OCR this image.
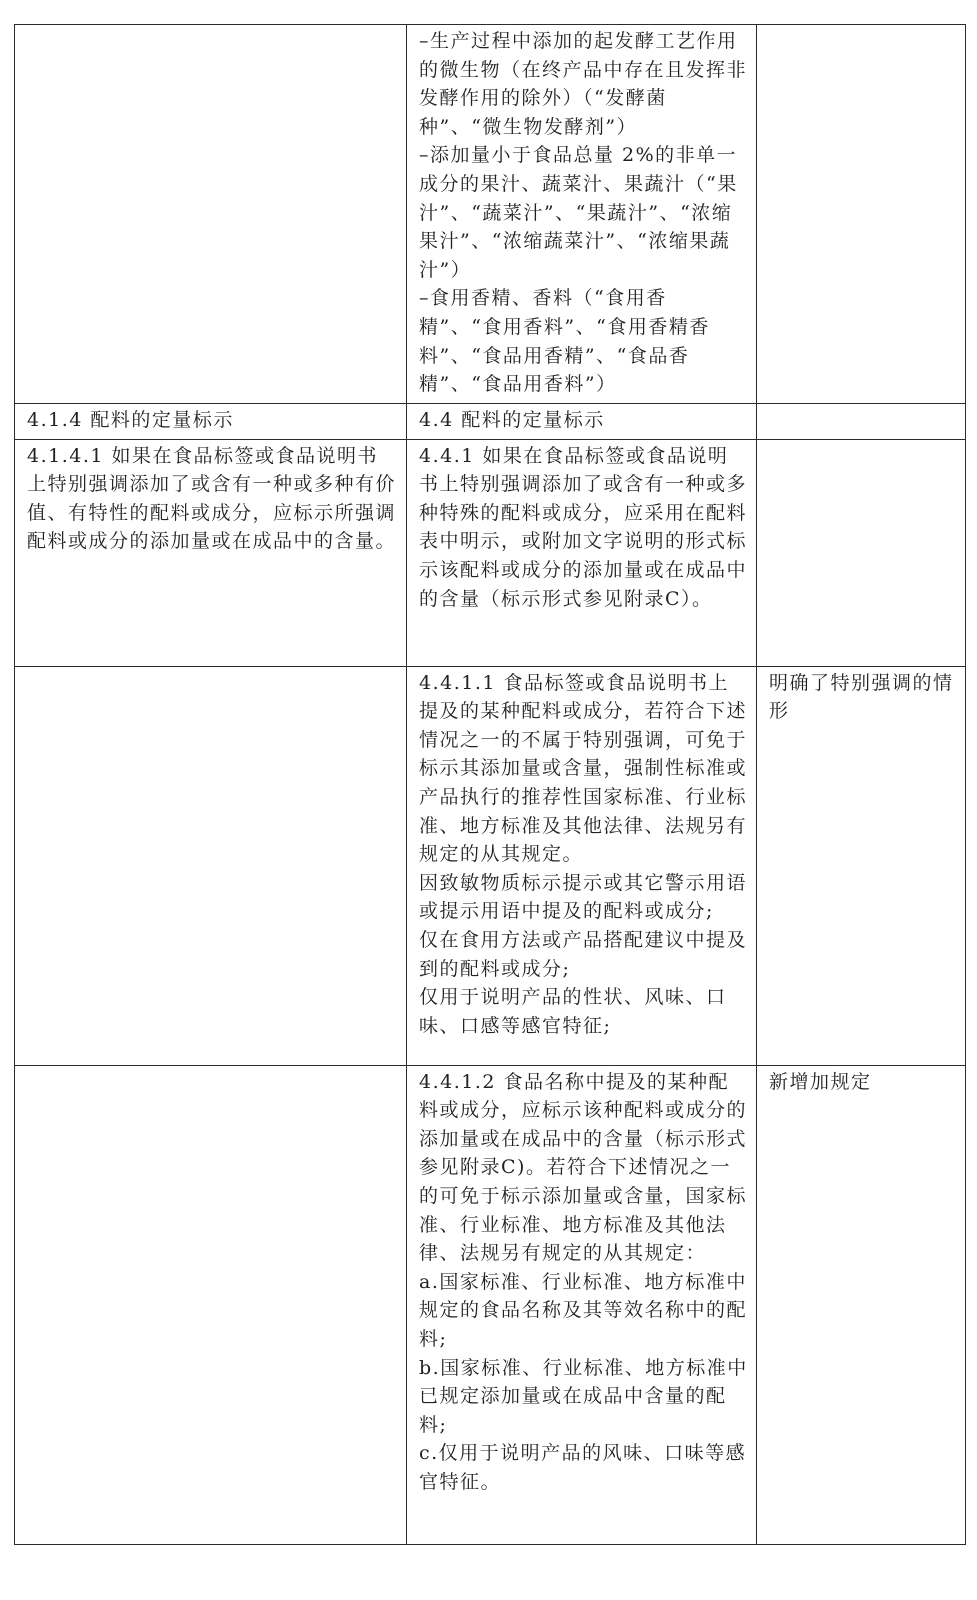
	–生产过程中添加的起发酵工艺作用的微生物（在终产品中存在且发挥非发酵作用的除外）（“发酵菌种”、“微生物发酵剂”）

–添加量小于食品总量 2%的非单一成分的果汁、蔬菜汁、果蔬汁（“果汁”、“蔬菜汁”、“果蔬汁”、“浓缩果汁”、“浓缩蔬菜汁”、“浓缩果蔬汁”）

–食用香精、香料（“食用香精”、“食用香料”、“食用香精香料”、“食品用香精”、“食品香精”、“食品用香料”）	

4.1.4 配料的定量标示	4.4 配料的定量标示	

4.1.4.1 如果在食品标签或食品说明书上特别强调添加了或含有一种或多种有价值、有特性的配料或成分，应标示所强调配料或成分的添加量或在成品中的含量。	4.4.1 如果在食品标签或食品说明书上特别强调添加了或含有一种或多种特殊的配料或成分，应采用在配料表中明示，或附加文字说明的形式标示该配料或成分的添加量或在成品中的含量（标示形式参见附录C）。	

	4.4.1.1 食品标签或食品说明书上提及的某种配料或成分，若符合下述情况之一的不属于特别强调，可免于标示其添加量或含量，强制性标准或产品执行的推荐性国家标准、行业标准、地方标准及其他法律、法规另有规定的从其规定。

因致敏物质标示提示或其它警示用语或提示用语中提及的配料或成分;

仅在食用方法或产品搭配建议中提及到的配料或成分;

仅用于说明产品的性状、风味、口味、口感等感官特征;	明确了特别强调的情形

	4.4.1.2 食品名称中提及的某种配料或成分，应标示该种配料或成分的添加量或在成品中的含量（标示形式参见附录C)。若符合下述情况之一的可免于标示添加量或含量，国家标准、行业标准、地方标准及其他法律、法规另有规定的从其规定：

a.国家标准、行业标准、地方标准中规定的食品名称及其等效名称中的配料;

b.国家标准、行业标准、地方标准中已规定添加量或在成品中含量的配料;

c.仅用于说明产品的风味、口味等感官特征。	新增加规定
